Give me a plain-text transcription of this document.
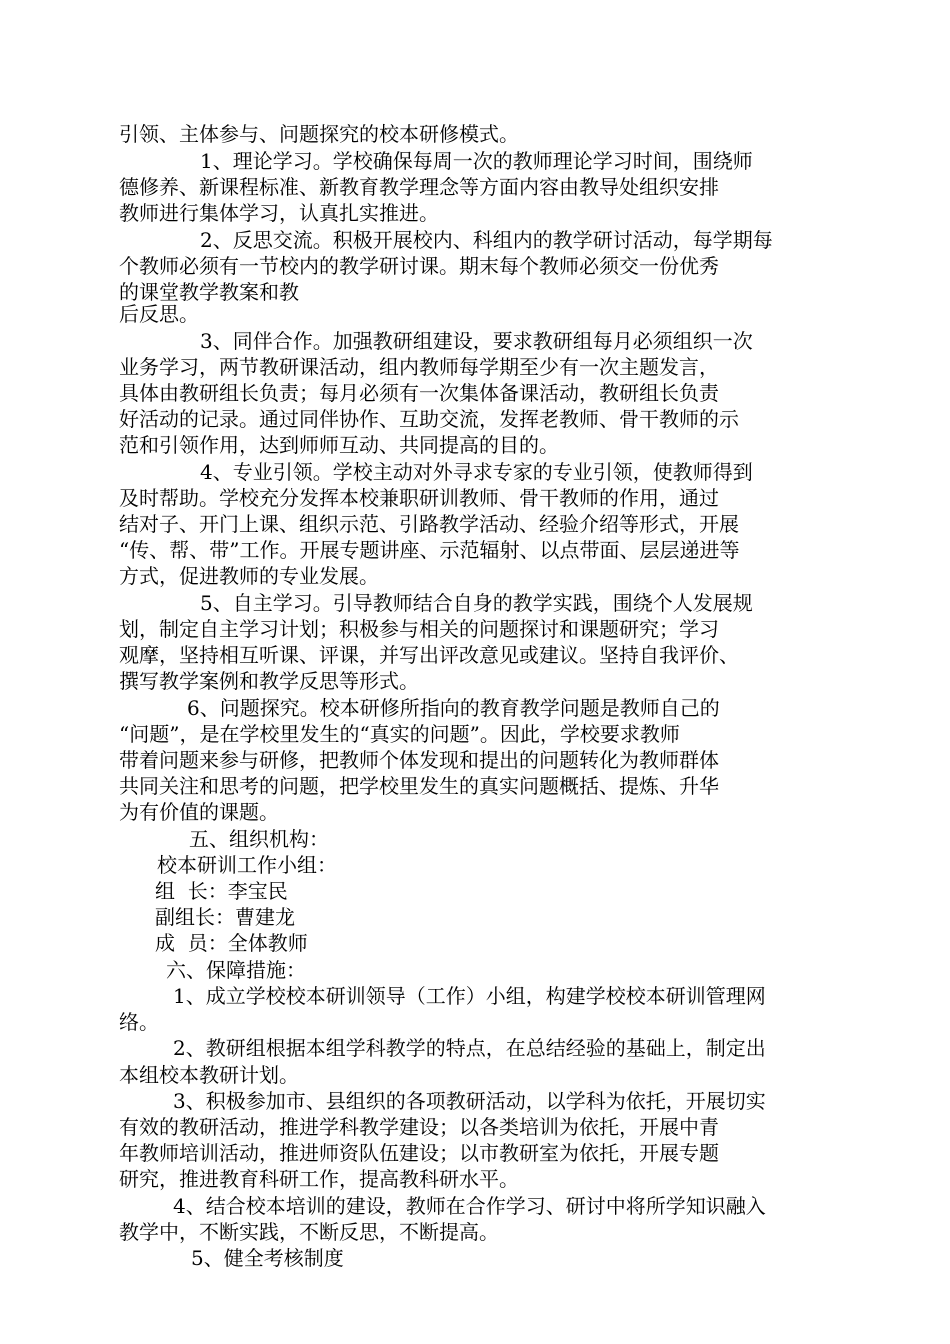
引领、主体参与、问题探究的校本研修模式。
1、理论学习。学校确保每周一次的教师理论学习时间，围绕师
德修养、新课程标准、新教育教学理念等方面内容由教导处组织安排
教师进行集体学习，认真扎实推进。
2、反思交流。积极开展校内、科组内的教学研讨活动，每学期每
个教师必须有一节校内的教学研讨课。期末每个教师必须交一份优秀
的课堂教学教案和教
后反思。
3、同伴合作。加强教研组建设，要求教研组每月必须组织一次
业务学习，两节教研课活动，组内教师每学期至少有一次主题发言，
具体由教研组长负责；每月必须有一次集体备课活动，教研组长负责
好活动的记录。通过同伴协作、互助交流，发挥老教师、骨干教师的示
范和引领作用，达到师师互动、共同提高的目的。
4、专业引领。学校主动对外寻求专家的专业引领，使教师得到
及时帮助。学校充分发挥本校兼职研训教师、骨干教师的作用，通过
结对子、开门上课、组织示范、引路教学活动、经验介绍等形式，开展
“传、帮、带”工作。开展专题讲座、示范辐射、以点带面、层层递进等
方式，促进教师的专业发展。
5、自主学习。引导教师结合自身的教学实践，围绕个人发展规
划，制定自主学习计划；积极参与相关的问题探讨和课题研究；学习
观摩，坚持相互听课、评课，并写出评改意见或建议。坚持自我评价、
撰写教学案例和教学反思等形式。
6、问题探究。校本研修所指向的教育教学问题是教师自己的
“问题”，是在学校里发生的“真实的问题”。因此，学校要求教师
带着问题来参与研修，把教师个体发现和提出的问题转化为教师群体
共同关注和思考的问题，把学校里发生的真实问题概括、提炼、升华
为有价值的课题。
五、组织机构：
校本研训工作小组：
组  长：李宝民
副组长：曹建龙
成  员：全体教师
六、保障措施：
1、成立学校校本研训领导（工作）小组，构建学校校本研训管理网
络。
2、教研组根据本组学科教学的特点，在总结经验的基础上，制定出
本组校本教研计划。
3、积极参加市、县组织的各项教研活动，以学科为依托，开展切实
有效的教研活动，推进学科教学建设；以各类培训为依托，开展中青
年教师培训活动，推进师资队伍建设；以市教研室为依托，开展专题
研究，推进教育科研工作，提高教科研水平。
4、结合校本培训的建设，教师在合作学习、研讨中将所学知识融入
教学中，不断实践，不断反思，不断提高。
5、健全考核制度
